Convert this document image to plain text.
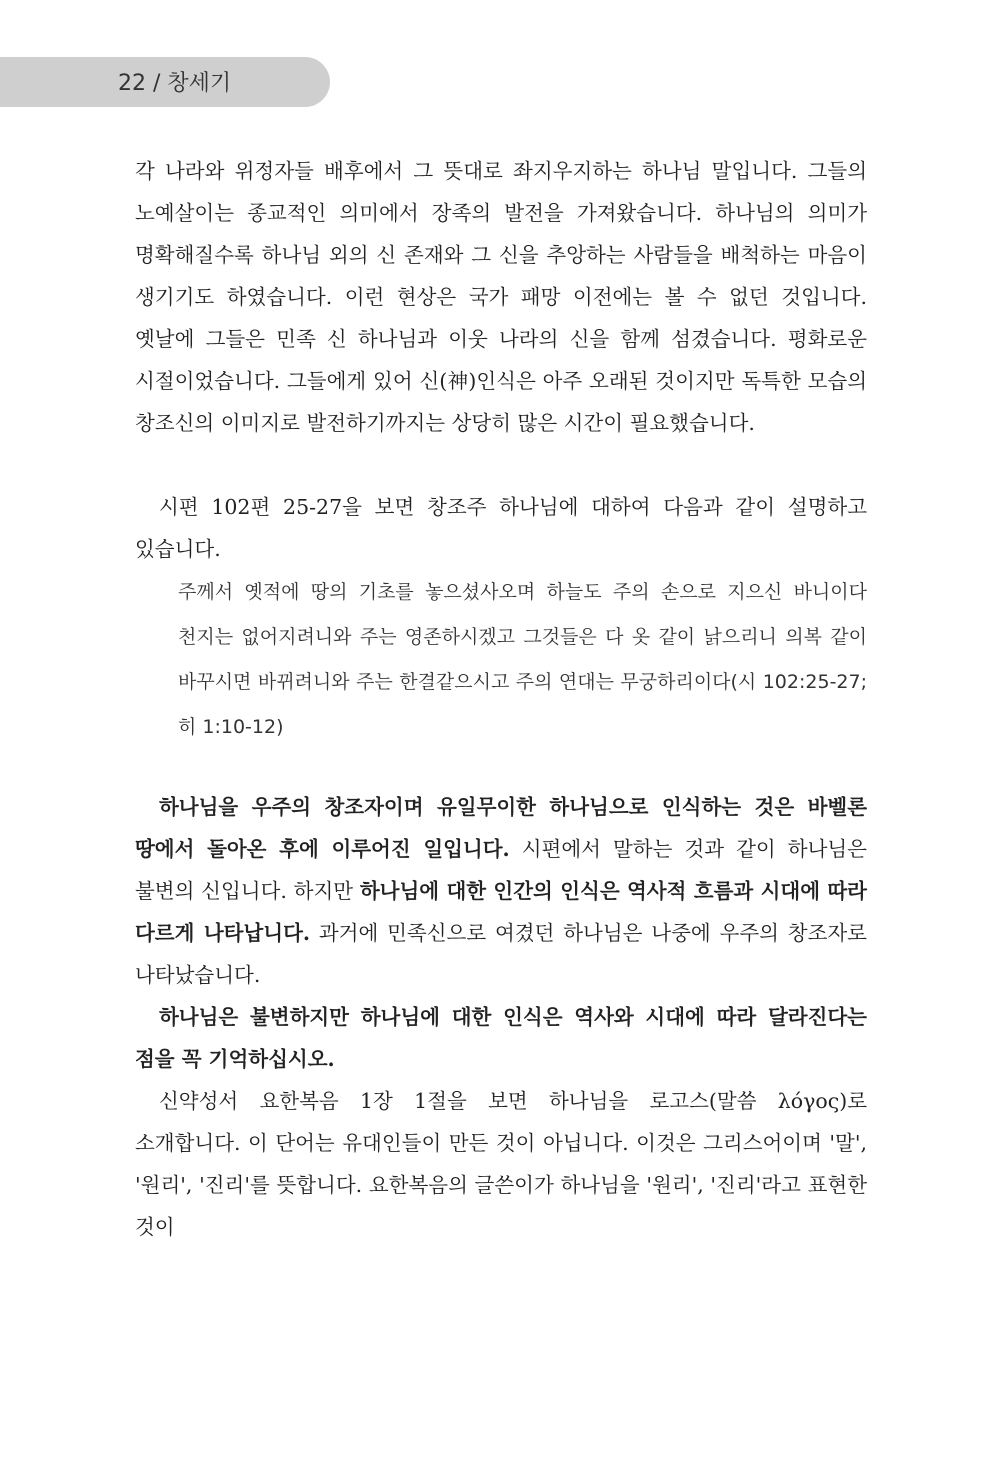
22 / 창세기

각 나라와 위정자들 배후에서 그 뜻대로 좌지우지하는 하나님 말입니다. 그들의 노예살이는 종교적인 의미에서 장족의 발전을 가져왔습니다. 하나님의 의미가 명확해질수록 하나님 외의 신 존재와 그 신을 추앙하는 사람들을 배척하는 마음이 생기기도 하였습니다. 이런 현상은 국가 패망 이전에는 볼 수 없던 것입니다. 옛날에 그들은 민족 신 하나님과 이웃 나라의 신을 함께 섬겼습니다. 평화로운 시절이었습니다. 그들에게 있어 신(神)인식은 아주 오래된 것이지만 독특한 모습의 창조신의 이미지로 발전하기까지는 상당히 많은 시간이 필요했습니다.

시편 102편 25-27을 보면 창조주 하나님에 대하여 다음과 같이 설명하고 있습니다.

주께서 옛적에 땅의 기초를 놓으셨사오며 하늘도 주의 손으로 지으신 바니이다 천지는 없어지려니와 주는 영존하시겠고 그것들은 다 옷 같이 낡으리니 의복 같이 바꾸시면 바뀌려니와 주는 한결같으시고 주의 연대는 무궁하리이다(시 102:25-27; 히 1:10-12)

하나님을 우주의 창조자이며 유일무이한 하나님으로 인식하는 것은 바벨론 땅에서 돌아온 후에 이루어진 일입니다. 시편에서 말하는 것과 같이 하나님은 불변의 신입니다. 하지만 하나님에 대한 인간의 인식은 역사적 흐름과 시대에 따라 다르게 나타납니다. 과거에 민족신으로 여겼던 하나님은 나중에 우주의 창조자로 나타났습니다.

하나님은 불변하지만 하나님에 대한 인식은 역사와 시대에 따라 달라진다는 점을 꼭 기억하십시오.

신약성서 요한복음 1장 1절을 보면 하나님을 로고스(말씀 λόγος)로 소개합니다. 이 단어는 유대인들이 만든 것이 아닙니다. 이것은 그리스어이며 '말', '원리', '진리'를 뜻합니다. 요한복음의 글쓴이가 하나님을 '원리', '진리'라고 표현한 것이
